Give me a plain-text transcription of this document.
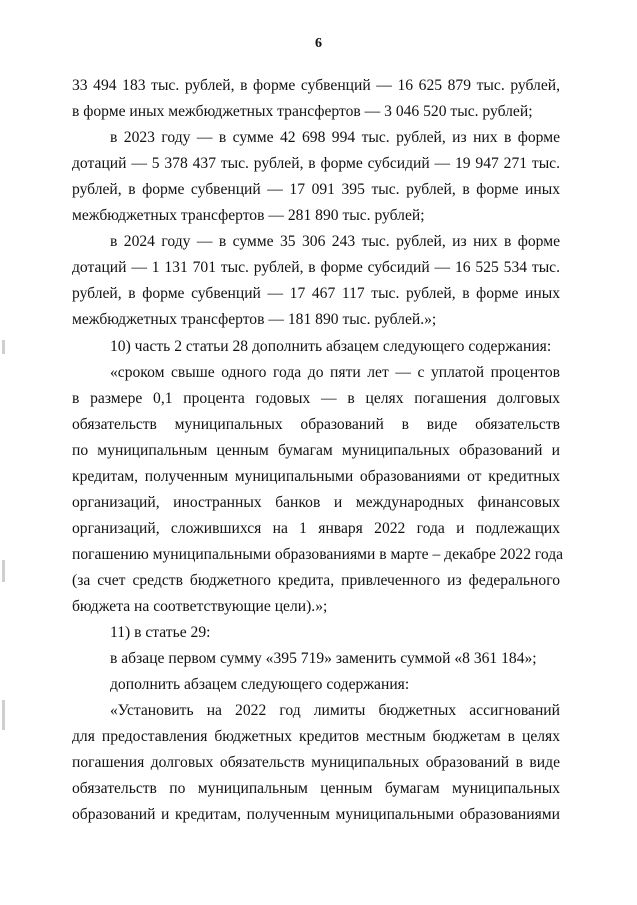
6
33 494 183 тыс. рублей, в форме субвенций — 16 625 879 тыс. рублей,
в форме иных межбюджетных трансфертов — 3 046 520 тыс. рублей;
в 2023 году — в сумме 42 698 994 тыс. рублей, из них в форме
дотаций — 5 378 437 тыс. рублей, в форме субсидий — 19 947 271 тыс.
рублей, в форме субвенций — 17 091 395 тыс. рублей, в форме иных
межбюджетных трансфертов — 281 890 тыс. рублей;
в 2024 году — в сумме 35 306 243 тыс. рублей, из них в форме
дотаций — 1 131 701 тыс. рублей, в форме субсидий — 16 525 534 тыс.
рублей, в форме субвенций — 17 467 117 тыс. рублей, в форме иных
межбюджетных трансфертов — 181 890 тыс. рублей.»;
10) часть 2 статьи 28 дополнить абзацем следующего содержания:
«сроком свыше одного года до пяти лет — с уплатой процентов
в размере 0,1 процента годовых — в целях погашения долговых
обязательств муниципальных образований в виде обязательств
по муниципальным ценным бумагам муниципальных образований и
кредитам, полученным муниципальными образованиями от кредитных
организаций, иностранных банков и международных финансовых
организаций, сложившихся на 1 января 2022 года и подлежащих
погашению муниципальными образованиями в марте – декабре 2022 года
(за счет средств бюджетного кредита, привлеченного из федерального
бюджета на соответствующие цели).»;
11) в статье 29:
в абзаце первом сумму «395 719» заменить суммой «8 361 184»;
дополнить абзацем следующего содержания:
«Установить на 2022 год лимиты бюджетных ассигнований
для предоставления бюджетных кредитов местным бюджетам в целях
погашения долговых обязательств муниципальных образований в виде
обязательств по муниципальным ценным бумагам муниципальных
образований и кредитам, полученным муниципальными образованиями
